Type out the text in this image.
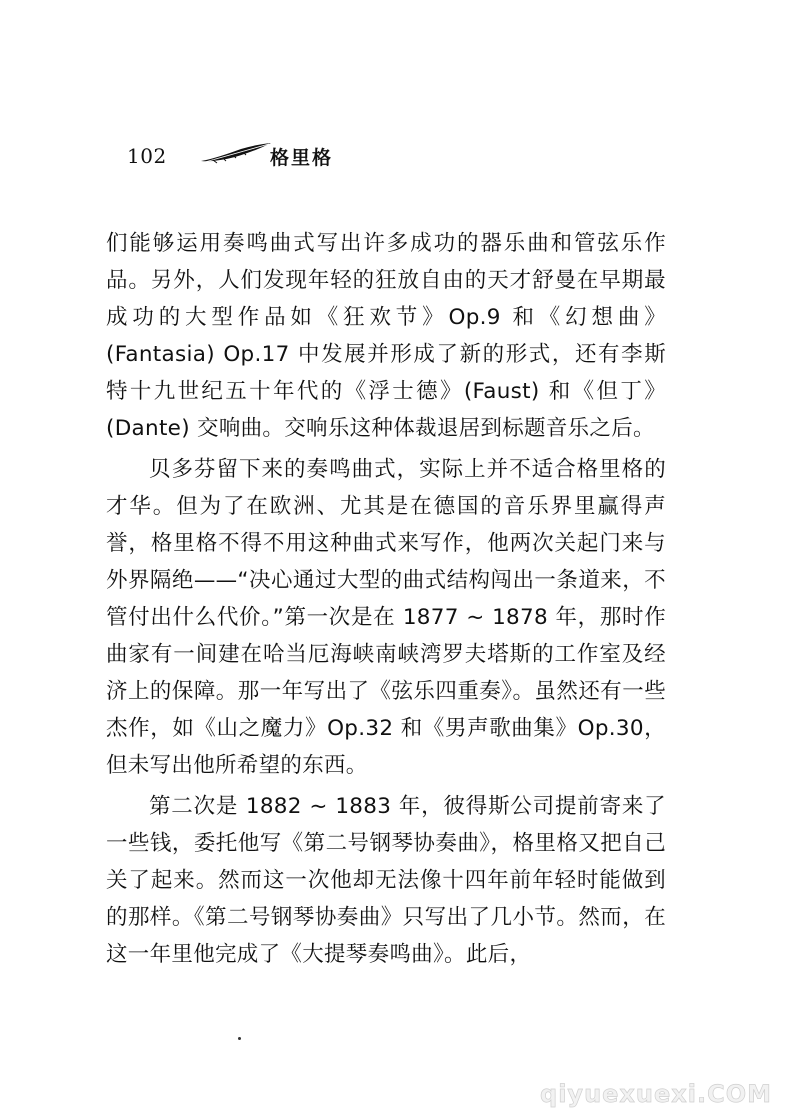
102	格里格

们能够运用奏鸣曲式写出许多成功的器乐曲和管弦乐作品。另外，人们发现年轻的狂放自由的天才舒曼在早期最成功的大型作品如《狂欢节》Op.9 和《幻想曲》(Fantasia) Op.17 中发展并形成了新的形式，还有李斯特十九世纪五十年代的《浮士德》(Faust) 和《但丁》(Dante) 交响曲。交响乐这种体裁退居到标题音乐之后。

贝多芬留下来的奏鸣曲式，实际上并不适合格里格的才华。但为了在欧洲、尤其是在德国的音乐界里赢得声誉，格里格不得不用这种曲式来写作，他两次关起门来与外界隔绝——“决心通过大型的曲式结构闯出一条道来，不管付出什么代价。”第一次是在 1877 ~ 1878 年，那时作曲家有一间建在哈当厄海峡南峡湾罗夫塔斯的工作室及经济上的保障。那一年写出了《弦乐四重奏》。虽然还有一些杰作，如《山之魔力》Op.32 和《男声歌曲集》Op.30，但未写出他所希望的东西。

第二次是 1882 ~ 1883 年，彼得斯公司提前寄来了一些钱，委托他写《第二号钢琴协奏曲》，格里格又把自己关了起来。然而这一次他却无法像十四年前年轻时能做到的那样。《第二号钢琴协奏曲》只写出了几小节。然而，在这一年里他完成了《大提琴奏鸣曲》。此后，

qiyuexuexi.COM
